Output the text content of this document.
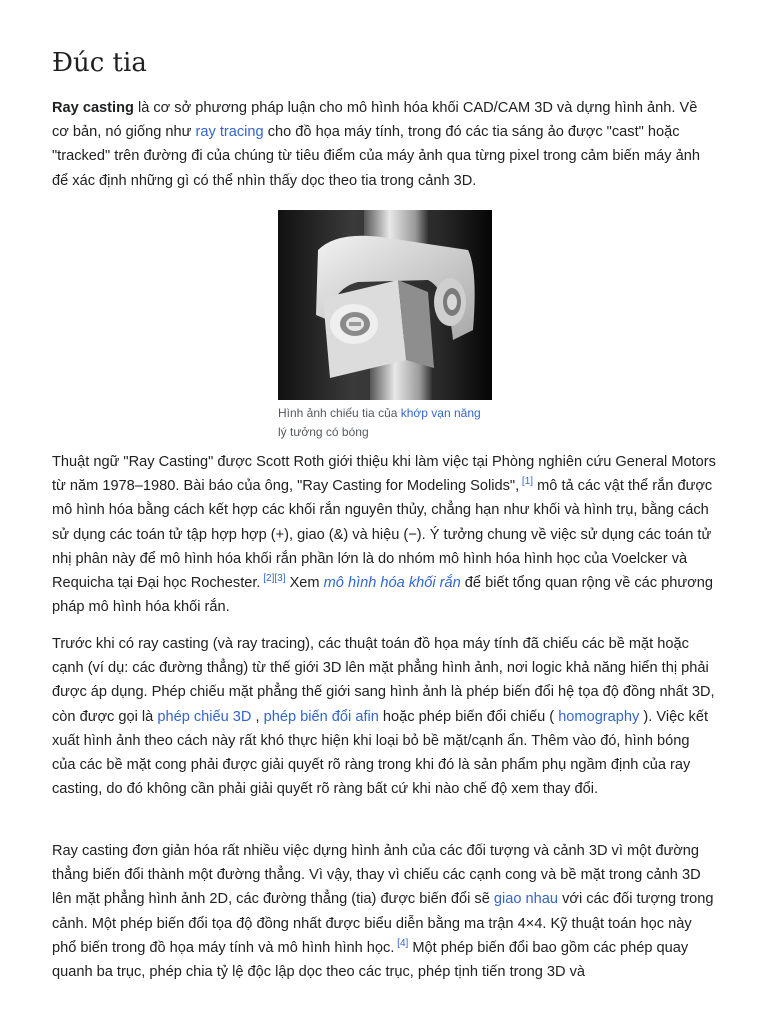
Đúc tia

Ray casting là cơ sở phương pháp luận cho mô hình hóa khối CAD/CAM 3D và dựng hình ảnh. Về cơ bản, nó giống như ray tracing cho đồ họa máy tính, trong đó các tia sáng ảo được "cast" hoặc "tracked" trên đường đi của chúng từ tiêu điểm của máy ảnh qua từng pixel trong cảm biến máy ảnh để xác định những gì có thể nhìn thấy dọc theo tia trong cảnh 3D.

Hình ảnh chiếu tia của khớp vạn năng
lý tưởng có bóng

Thuật ngữ "Ray Casting" được Scott Roth giới thiệu khi làm việc tại Phòng nghiên cứu General Motors từ năm 1978–1980. Bài báo của ông, "Ray Casting for Modeling Solids", [1] mô tả các vật thể rắn được mô hình hóa bằng cách kết hợp các khối rắn nguyên thủy, chẳng hạn như khối và hình trụ, bằng cách sử dụng các toán tử tập hợp hợp (+), giao (&) và hiệu (−). Ý tưởng chung về việc sử dụng các toán tử nhị phân này để mô hình hóa khối rắn phần lớn là do nhóm mô hình hóa hình học của Voelcker và Requicha tại Đại học Rochester. [2][3] Xem mô hình hóa khối rắn để biết tổng quan rộng về các phương pháp mô hình hóa khối rắn.

Trước khi có ray casting (và ray tracing), các thuật toán đồ họa máy tính đã chiếu các bề mặt hoặc cạnh (ví dụ: các đường thẳng) từ thế giới 3D lên mặt phẳng hình ảnh, nơi logic khả năng hiển thị phải được áp dụng. Phép chiếu mặt phẳng thế giới sang hình ảnh là phép biến đổi hệ tọa độ đồng nhất 3D, còn được gọi là phép chiếu 3D , phép biến đổi afin hoặc phép biến đổi chiếu ( homography ). Việc kết xuất hình ảnh theo cách này rất khó thực hiện khi loại bỏ bề mặt/cạnh ẩn. Thêm vào đó, hình bóng của các bề mặt cong phải được giải quyết rõ ràng trong khi đó là sản phẩm phụ ngầm định của ray casting, do đó không cần phải giải quyết rõ ràng bất cứ khi nào chế độ xem thay đổi.

Ray casting đơn giản hóa rất nhiều việc dựng hình ảnh của các đối tượng và cảnh 3D vì một đường thẳng biến đổi thành một đường thẳng. Vì vậy, thay vì chiếu các cạnh cong và bề mặt trong cảnh 3D lên mặt phẳng hình ảnh 2D, các đường thẳng (tia) được biến đổi sẽ giao nhau với các đối tượng trong cảnh. Một phép biến đổi tọa độ đồng nhất được biểu diễn bằng ma trận 4×4. Kỹ thuật toán học này phổ biến trong đồ họa máy tính và mô hình hình học. [4] Một phép biến đổi bao gồm các phép quay quanh ba trục, phép chia tỷ lệ độc lập dọc theo các trục, phép tịnh tiến trong 3D và
